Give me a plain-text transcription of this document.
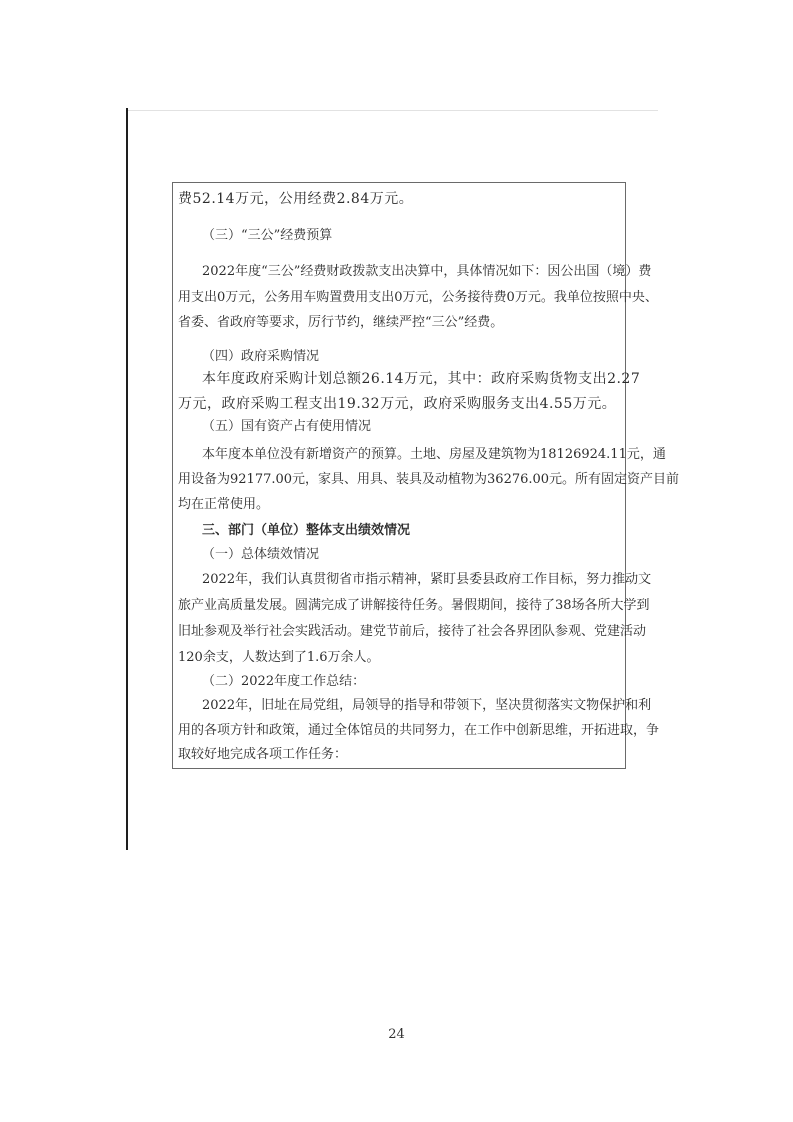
费52.14万元，公用经费2.84万元。
（三）“三公”经费预算
2022年度“三公”经费财政拨款支出决算中，具体情况如下：因公出国（境）费
用支出0万元，公务用车购置费用支出0万元，公务接待费0万元。我单位按照中央、
省委、省政府等要求，厉行节约，继续严控“三公”经费。
（四）政府采购情况
本年度政府采购计划总额26.14万元，其中：政府采购货物支出2.27
万元，政府采购工程支出19.32万元，政府采购服务支出4.55万元。
（五）国有资产占有使用情况
本年度本单位没有新增资产的预算。土地、房屋及建筑物为18126924.11元，通
用设备为92177.00元，家具、用具、装具及动植物为36276.00元。所有固定资产目前
均在正常使用。
三、部门（单位）整体支出绩效情况
（一）总体绩效情况
2022年，我们认真贯彻省市指示精神，紧盯县委县政府工作目标，努力推动文
旅产业高质量发展。圆满完成了讲解接待任务。暑假期间，接待了38场各所大学到
旧址参观及举行社会实践活动。建党节前后，接待了社会各界团队参观、党建活动
120余支，人数达到了1.6万余人。
（二）2022年度工作总结：
2022年，旧址在局党组，局领导的指导和带领下，坚决贯彻落实文物保护和利
用的各项方针和政策，通过全体馆员的共同努力，在工作中创新思维，开拓进取，争
取较好地完成各项工作任务：
24
